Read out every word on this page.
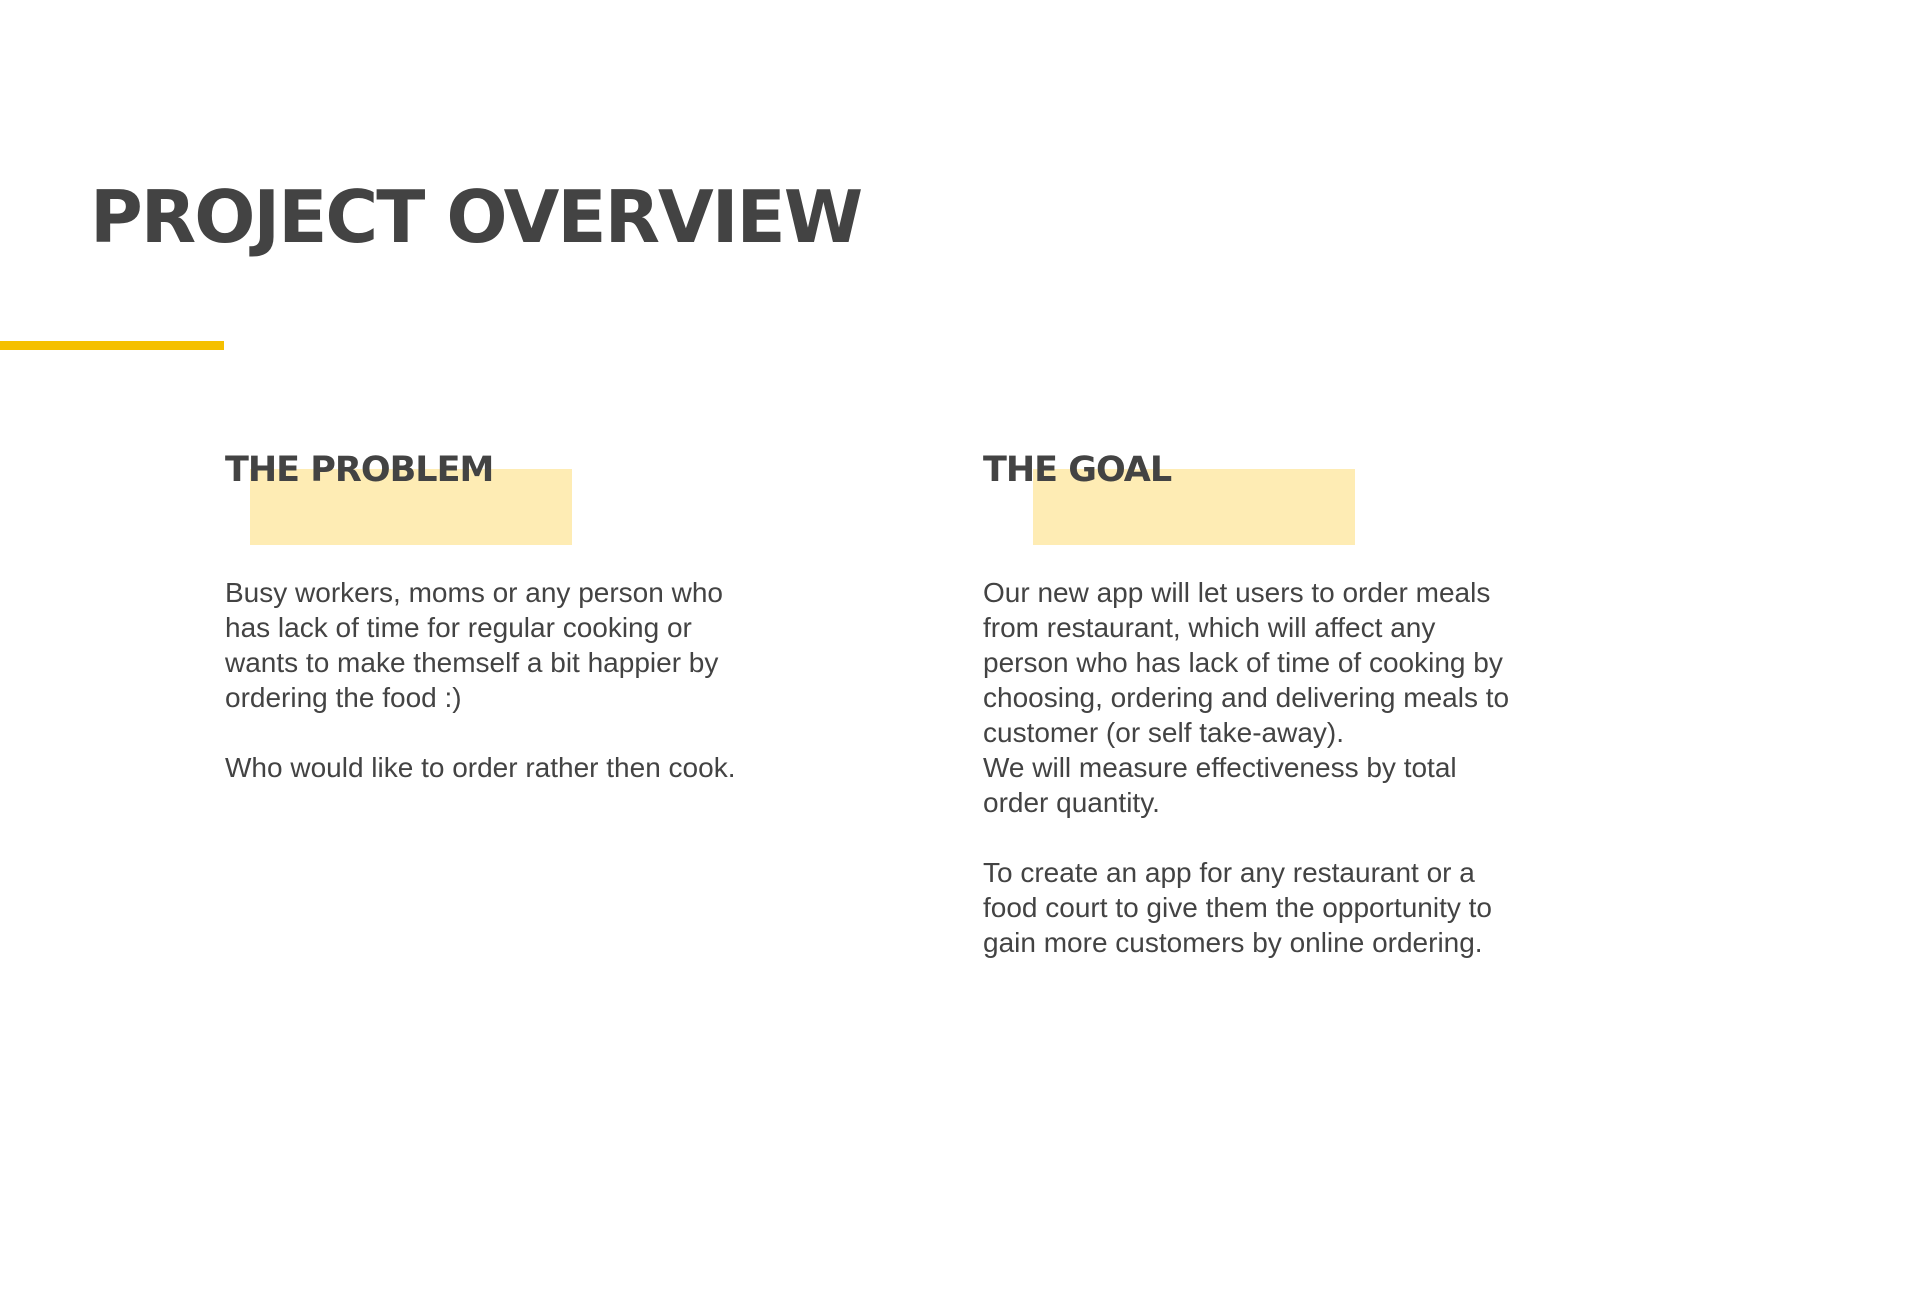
PROJECT OVERVIEW
THE PROBLEM

Busy workers, moms or any person who

has lack of time for regular cooking or

wants to make themself a bit happier by

ordering the food :)

Who would like to order rather then cook.

THE GOAL

Our new app will let users to order meals

from restaurant, which will affect any

person who has lack of time of cooking by

choosing, ordering and delivering meals to

customer (or self take-away).

We will measure effectiveness by total

order quantity.

To create an app for any restaurant or a

food court to give them the opportunity to

gain more customers by online ordering.
